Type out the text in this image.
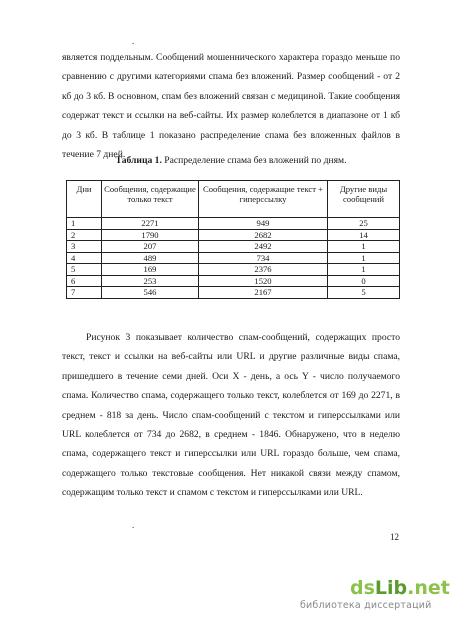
.
является поддельным. Сообщений мошеннического характера гораздо меньше по сравнению с другими категориями спама без вложений. Размер сообщений - от 2 кб до 3 кб. В основном, спам без вложений связан с медициной. Такие сообщения содержат текст и ссылки на веб-сайты. Их размер колеблется в диапазоне от 1 кб до 3 кб. В таблице 1 показано распределение спама без вложенных файлов в течение 7 дней.
Таблица 1. Распределение спама без вложений по дням.
Дни	Сообщения, содержащие только текст	Сообщения, содержащие текст + гиперссылку	Другие виды сообщений
1	2271	949	25
2	1790	2682	14
3	207	2492	1
4	489	734	1
5	169	2376	1
6	253	1520	0
7	546	2167	5
Рисунок 3 показывает количество спам-сообщений, содержащих просто текст, текст и ссылки на веб-сайты или URL и другие различные виды спама, пришедшего в течение семи дней. Оси X - день, а ось Y - число получаемого спама. Количество спама, содержащего только текст, колеблется от 169 до 2271, в среднем - 818 за день. Число спам-сообщений с текстом и гиперссылками или URL колеблется от 734 до 2682, в среднем - 1846. Обнаружено, что в неделю спама, содержащего текст и гиперссылки или URL гораздо больше, чем спама, содержащего только текстовые сообщения. Нет никакой связи между спамом, содержащим только текст и спамом с текстом и гиперссылками или URL.
.
12
dsLib.net
библиотека диссертаций
